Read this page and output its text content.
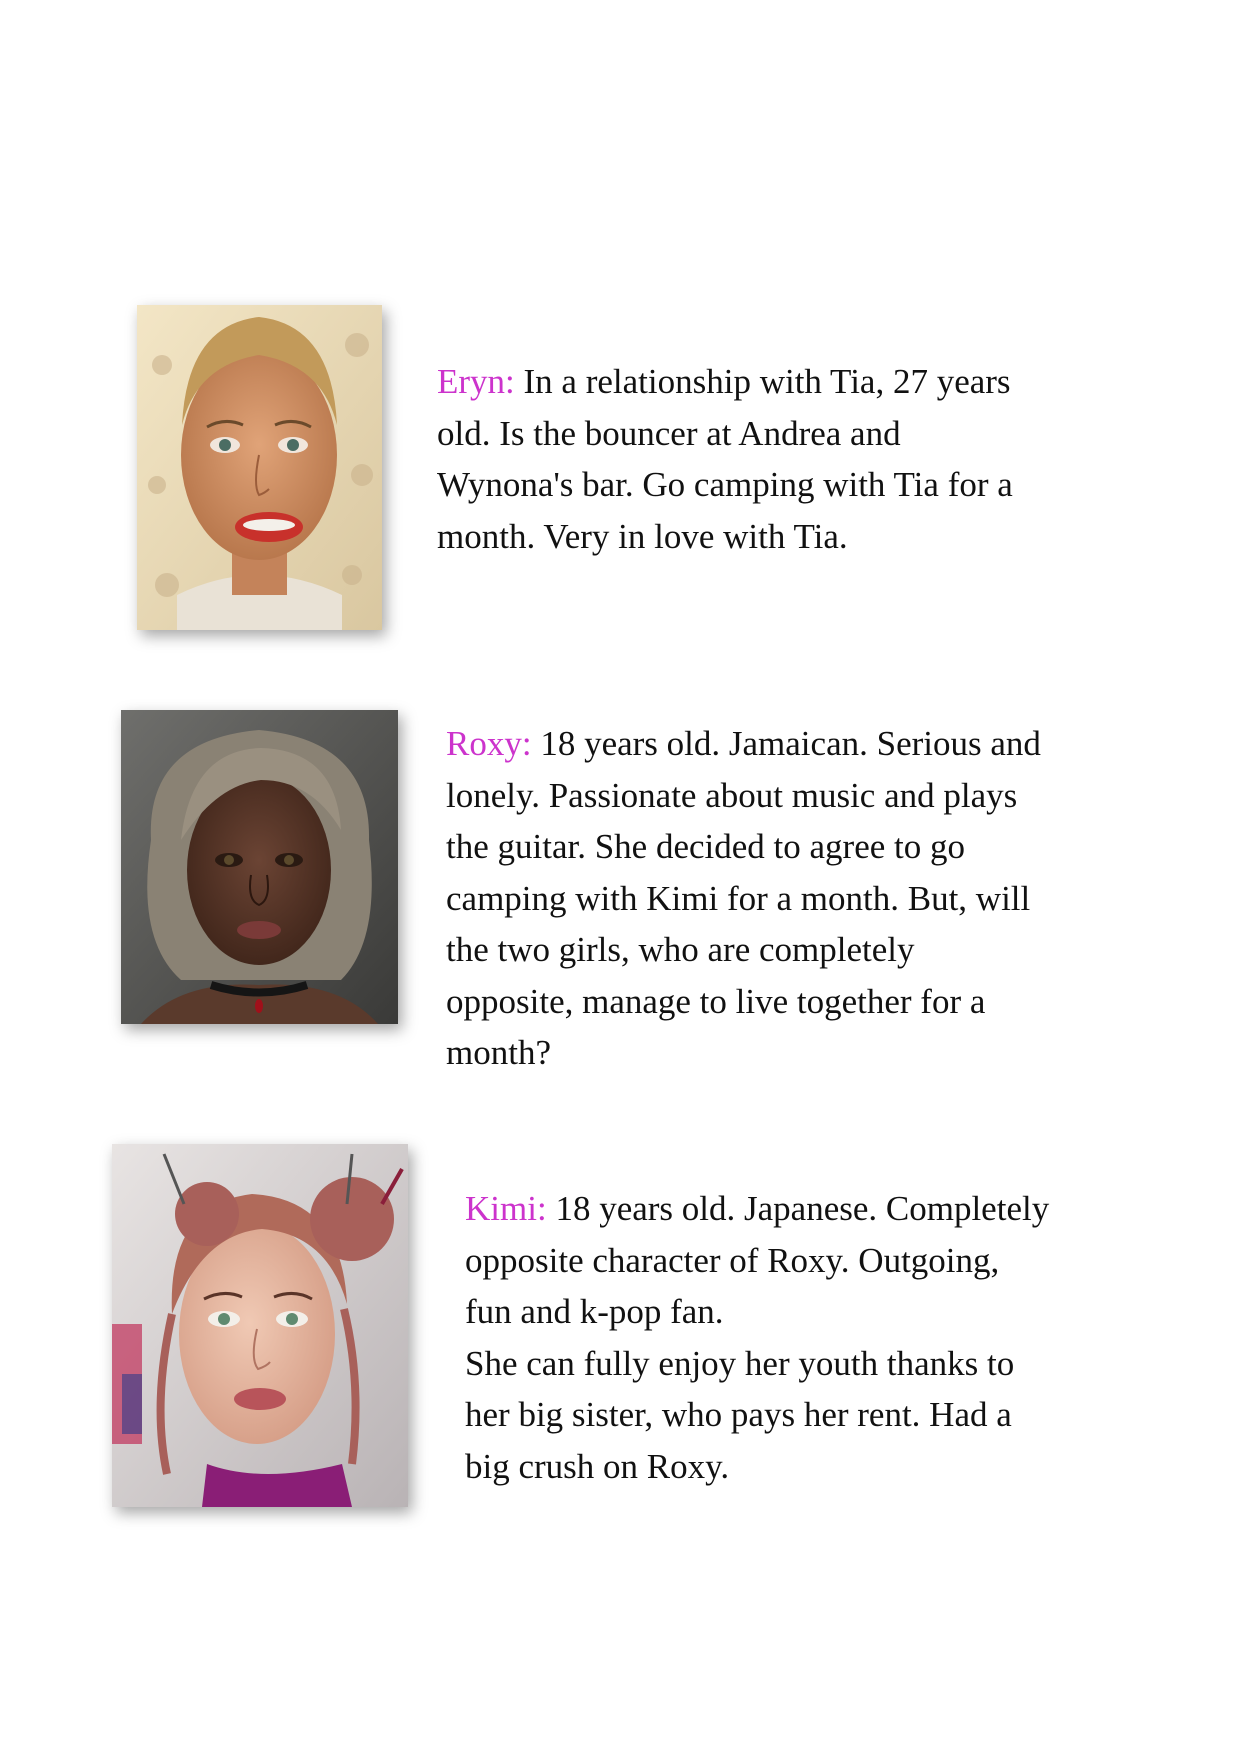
Eryn: In a relationship with Tia, 27 years
old. Is the bouncer at Andrea and
Wynona's bar. Go camping with Tia for a
month. Very in love with Tia.

Roxy: 18 years old. Jamaican. Serious and
lonely. Passionate about music and plays
the guitar. She decided to agree to go
camping with Kimi for a month. But, will
the two girls, who are completely
opposite, manage to live together for a
month?

Kimi: 18 years old. Japanese. Completely
opposite character of Roxy. Outgoing,
fun and k-pop fan.
She can fully enjoy her youth thanks to
her big sister, who pays her rent. Had a
big crush on Roxy.
